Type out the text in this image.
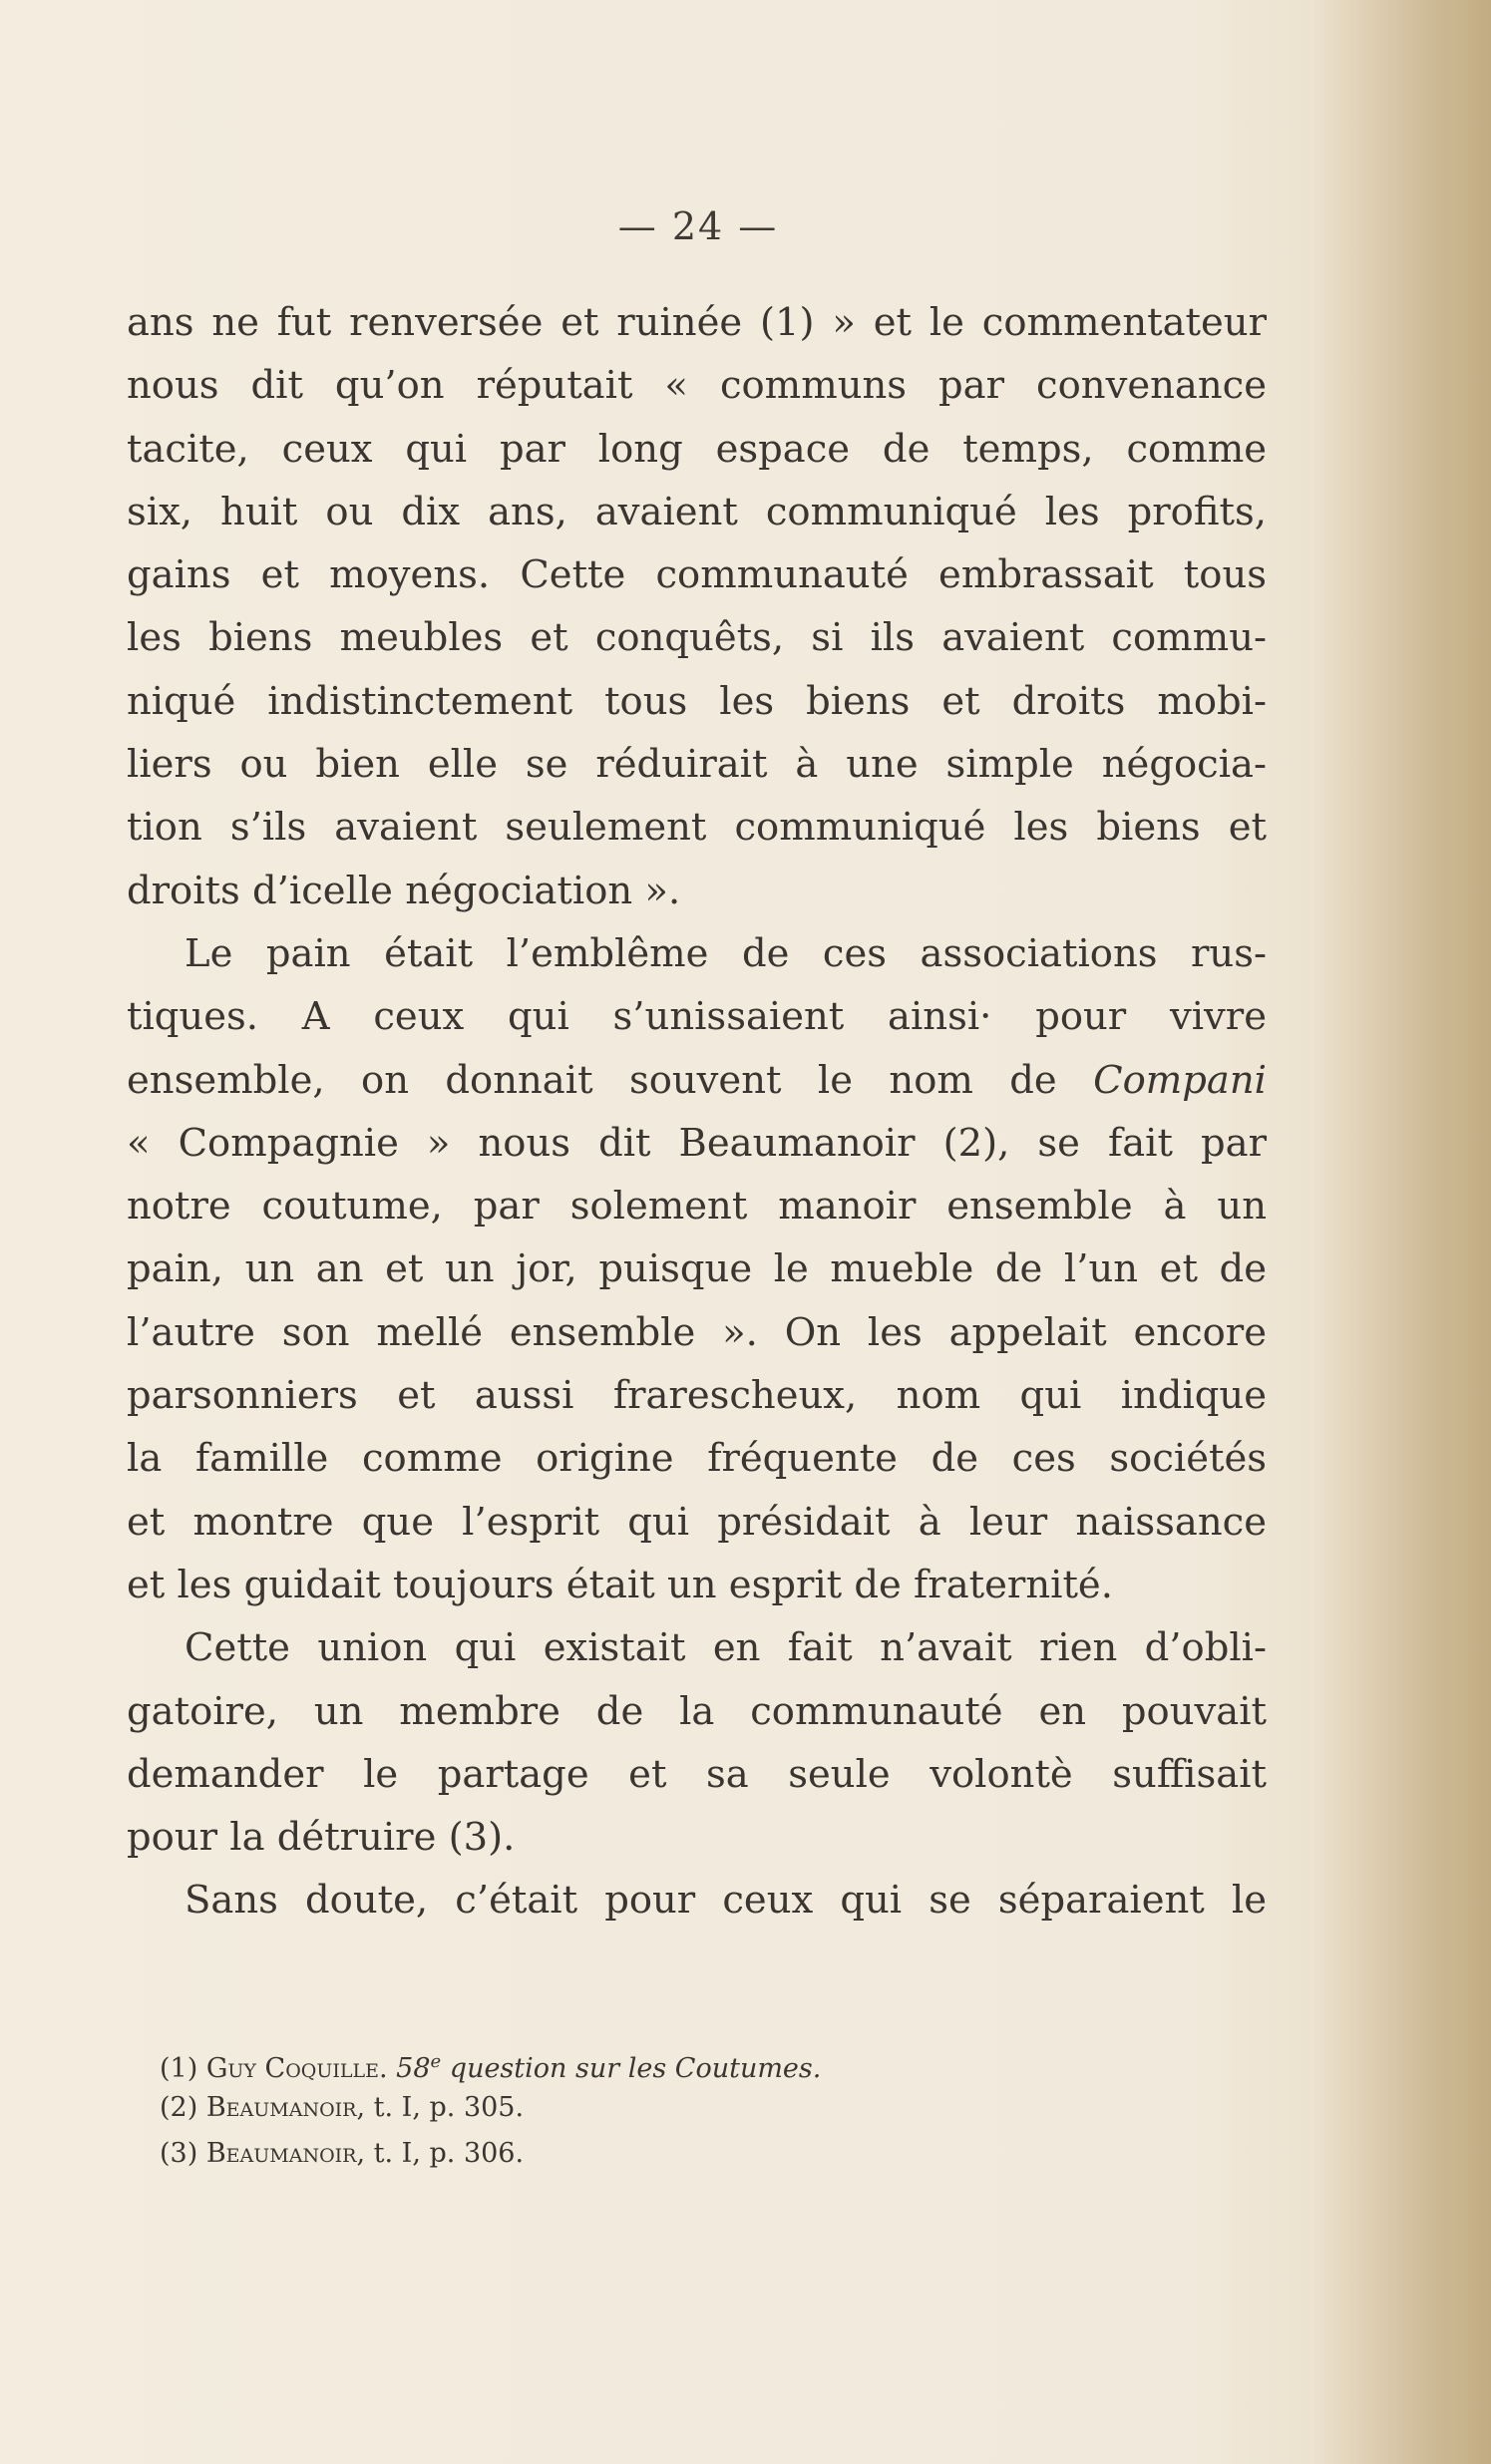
— 24 —
ans ne fut renversée et ruinée (1) » et le commentateur
nous dit qu’on réputait « communs par convenance
tacite, ceux qui par long espace de temps, comme
six, huit ou dix ans, avaient communiqué les profits,
gains et moyens. Cette communauté embrassait tous
les biens meubles et conquêts, si ils avaient commu-
niqué indistinctement tous les biens et droits mobi-
liers ou bien elle se réduirait à une simple négocia-
tion s’ils avaient seulement communiqué les biens et
droits d’icelle négociation ».
Le pain était l’emblême de ces associations rus-
tiques. A ceux qui s’unissaient ainsi· pour vivre
ensemble, on donnait souvent le nom de Compani
« Compagnie » nous dit Beaumanoir (2), se fait par
notre coutume, par solement manoir ensemble à un
pain, un an et un jor, puisque le mueble de l’un et de
l’autre son mellé ensemble ». On les appelait encore
parsonniers et aussi frarescheux, nom qui indique
la famille comme origine fréquente de ces sociétés
et montre que l’esprit qui présidait à leur naissance
et les guidait toujours était un esprit de fraternité.
Cette union qui existait en fait n’avait rien d’obli-
gatoire, un membre de la communauté en pouvait
demander le partage et sa seule volontè suffisait
pour la détruire (3).
Sans doute, c’était pour ceux qui se séparaient le
(1) Guy Coquille. 58e question sur les Coutumes.
(2) Beaumanoir, t. I, p. 305.
(3) Beaumanoir, t. I, p. 306.
